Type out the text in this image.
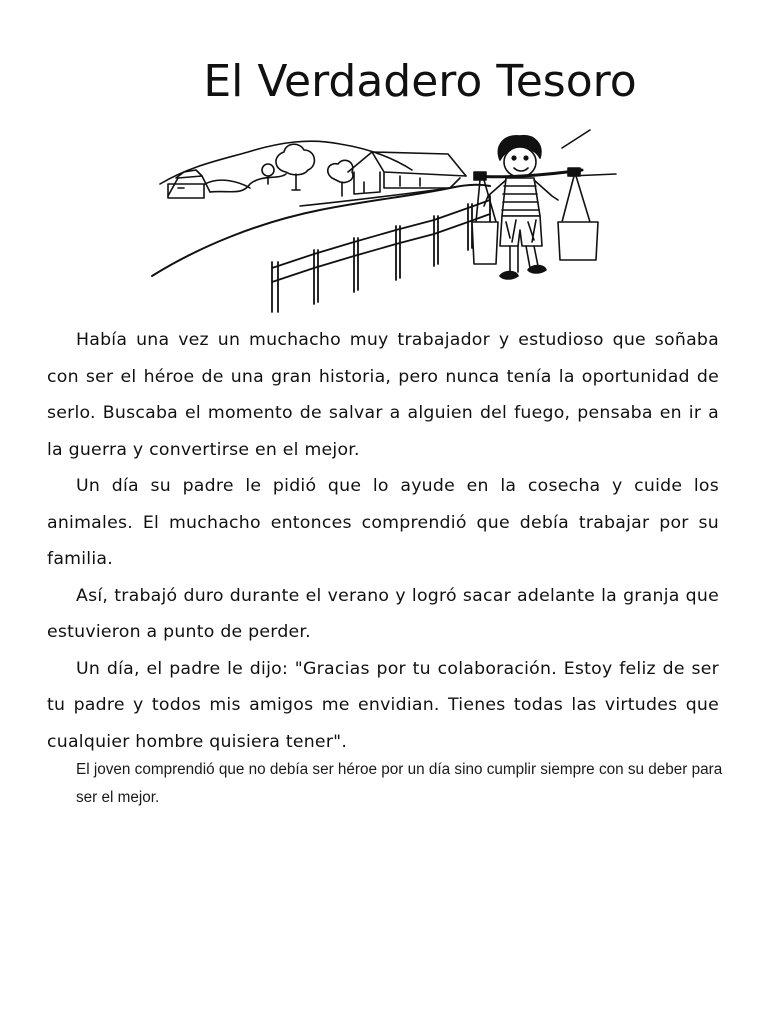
El Verdadero Tesoro

Había una vez un muchacho muy trabajador y estudioso que soñaba con ser el héroe de una gran historia, pero nunca tenía la oportunidad de serlo. Buscaba el momento de salvar a alguien del fuego, pensaba en ir a la guerra y convertirse en el mejor.

Un día su padre le pidió que lo ayude en la cosecha y cuide los animales. El muchacho entonces comprendió que debía trabajar por su familia.

Así, trabajó duro durante el verano y logró sacar adelante la granja que estuvieron a punto de perder.

Un día, el padre le dijo: "Gracias por tu colaboración. Estoy feliz de ser tu padre y todos mis amigos me envidian. Tienes todas las virtudes que cualquier hombre quisiera tener".

El joven comprendió que no debía ser héroe por un día sino cumplir siempre con su deber para ser el mejor.
